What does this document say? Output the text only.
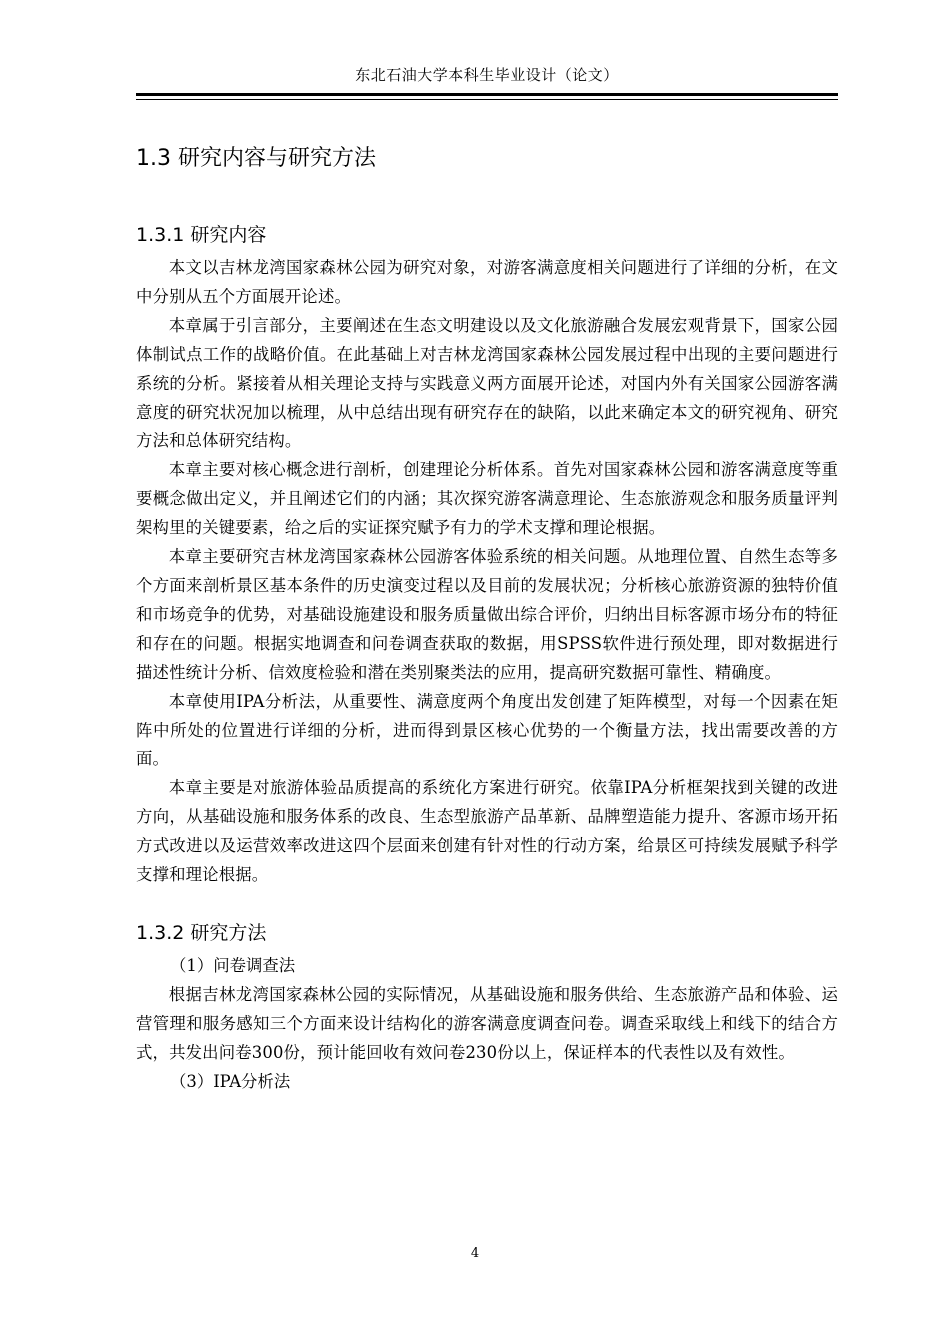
东北石油大学本科生毕业设计（论文）
1.3 研究内容与研究方法
1.3.1 研究内容

本文以吉林龙湾国家森林公园为研究对象，对游客满意度相关问题进行了详细的分析，在文中分别从五个方面展开论述。

本章属于引言部分，主要阐述在生态文明建设以及文化旅游融合发展宏观背景下，国家公园体制试点工作的战略价值。在此基础上对吉林龙湾国家森林公园发展过程中出现的主要问题进行系统的分析。紧接着从相关理论支持与实践意义两方面展开论述，对国内外有关国家公园游客满意度的研究状况加以梳理，从中总结出现有研究存在的缺陷，以此来确定本文的研究视角、研究方法和总体研究结构。

本章主要对核心概念进行剖析，创建理论分析体系。首先对国家森林公园和游客满意度等重要概念做出定义，并且阐述它们的内涵；其次探究游客满意理论、生态旅游观念和服务质量评判架构里的关键要素，给之后的实证探究赋予有力的学术支撑和理论根据。

本章主要研究吉林龙湾国家森林公园游客体验系统的相关问题。从地理位置、自然生态等多个方面来剖析景区基本条件的历史演变过程以及目前的发展状况；分析核心旅游资源的独特价值和市场竞争的优势，对基础设施建设和服务质量做出综合评价，归纳出目标客源市场分布的特征和存在的问题。根据实地调查和问卷调查获取的数据，用SPSS软件进行预处理，即对数据进行描述性统计分析、信效度检验和潜在类别聚类法的应用，提高研究数据可靠性、精确度。

本章使用IPA分析法，从重要性、满意度两个角度出发创建了矩阵模型，对每一个因素在矩阵中所处的位置进行详细的分析，进而得到景区核心优势的一个衡量方法，找出需要改善的方面。

本章主要是对旅游体验品质提高的系统化方案进行研究。依靠IPA分析框架找到关键的改进方向，从基础设施和服务体系的改良、生态型旅游产品革新、品牌塑造能力提升、客源市场开拓方式改进以及运营效率改进这四个层面来创建有针对性的行动方案，给景区可持续发展赋予科学支撑和理论根据。

1.3.2 研究方法

（1）问卷调查法

根据吉林龙湾国家森林公园的实际情况，从基础设施和服务供给、生态旅游产品和体验、运营管理和服务感知三个方面来设计结构化的游客满意度调查问卷。调查采取线上和线下的结合方式，共发出问卷300份，预计能回收有效问卷230份以上，保证样本的代表性以及有效性。

（3）IPA分析法

4
